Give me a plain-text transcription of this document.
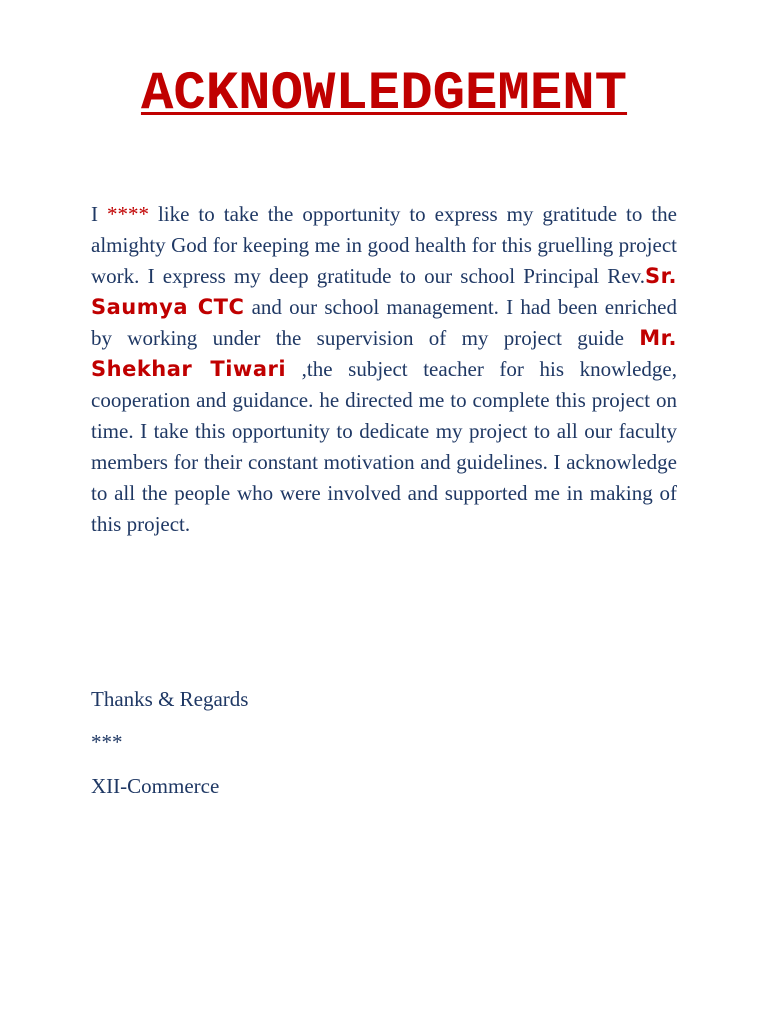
ACKNOWLEDGEMENT

I **** like to take the opportunity to express my gratitude to the almighty God for keeping me in good health for this gruelling project work. I express my deep gratitude to our school Principal Rev.Sr. Saumya CTC and our school management. I had been enriched by working under the supervision of my project guide Mr. Shekhar Tiwari ,the subject teacher for his knowledge, cooperation and guidance. he directed me to complete this project on time. I take this opportunity to dedicate my project to all our faculty members for their constant motivation and guidelines. I acknowledge to all the people who were involved and supported me in making of this project.

Thanks & Regards

***

XII-Commerce
